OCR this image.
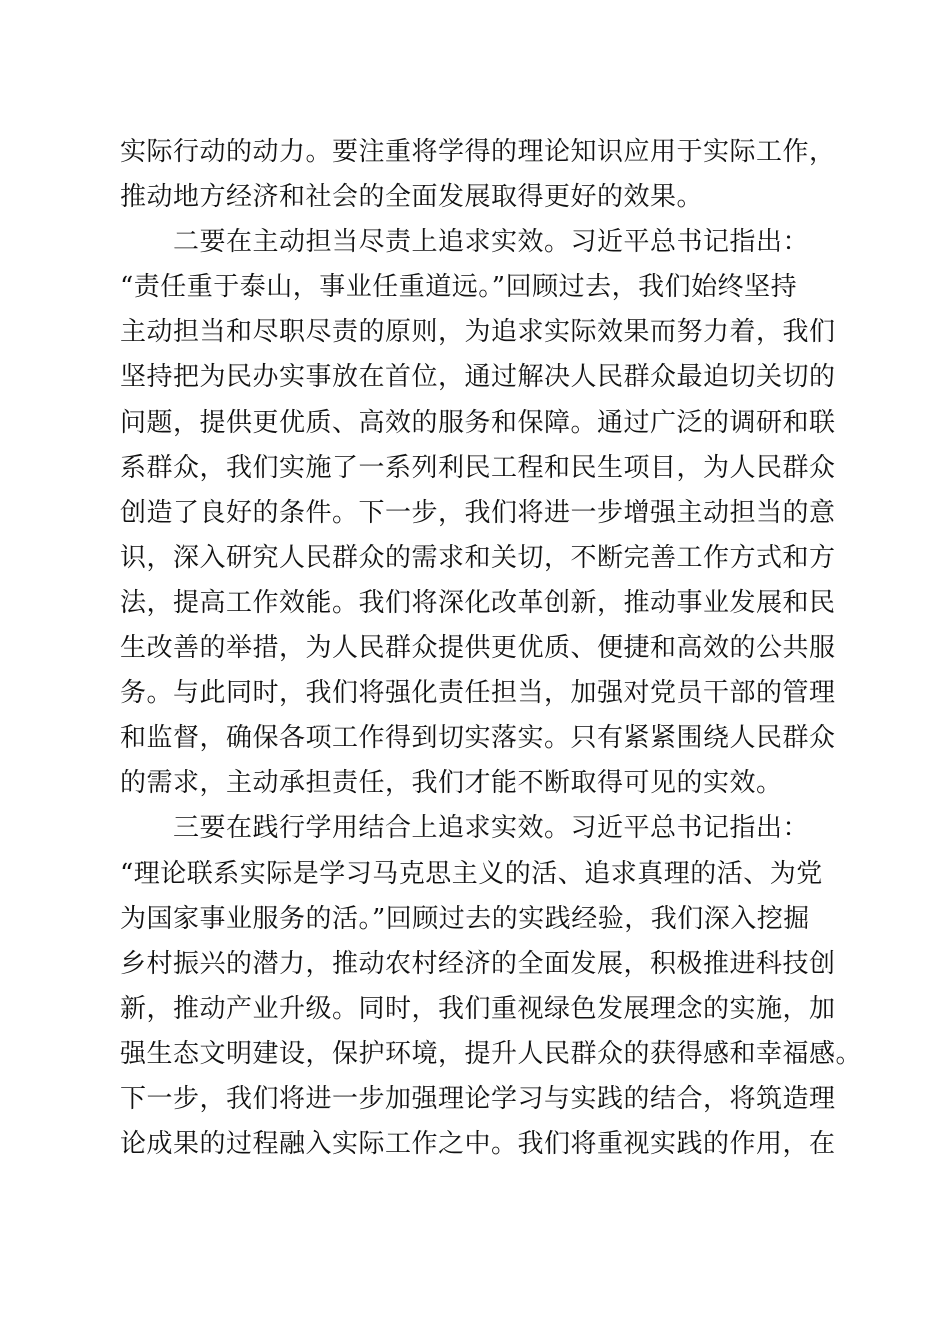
实际行动的动力。要注重将学得的理论知识应用于实际工作，
推动地方经济和社会的全面发展取得更好的效果。
　　二要在主动担当尽责上追求实效。习近平总书记指出：
“责任重于泰山，事业任重道远。”回顾过去，我们始终坚持
主动担当和尽职尽责的原则，为追求实际效果而努力着，我们
坚持把为民办实事放在首位，通过解决人民群众最迫切关切的
问题，提供更优质、高效的服务和保障。通过广泛的调研和联
系群众，我们实施了一系列利民工程和民生项目，为人民群众
创造了良好的条件。下一步，我们将进一步增强主动担当的意
识，深入研究人民群众的需求和关切，不断完善工作方式和方
法，提高工作效能。我们将深化改革创新，推动事业发展和民
生改善的举措，为人民群众提供更优质、便捷和高效的公共服
务。与此同时，我们将强化责任担当，加强对党员干部的管理
和监督，确保各项工作得到切实落实。只有紧紧围绕人民群众
的需求，主动承担责任，我们才能不断取得可见的实效。
　　三要在践行学用结合上追求实效。习近平总书记指出：
“理论联系实际是学习马克思主义的活、追求真理的活、为党
为国家事业服务的活。”回顾过去的实践经验，我们深入挖掘
乡村振兴的潜力，推动农村经济的全面发展，积极推进科技创
新，推动产业升级。同时，我们重视绿色发展理念的实施，加
强生态文明建设，保护环境，提升人民群众的获得感和幸福感。
下一步，我们将进一步加强理论学习与实践的结合，将筑造理
论成果的过程融入实际工作之中。我们将重视实践的作用，在
